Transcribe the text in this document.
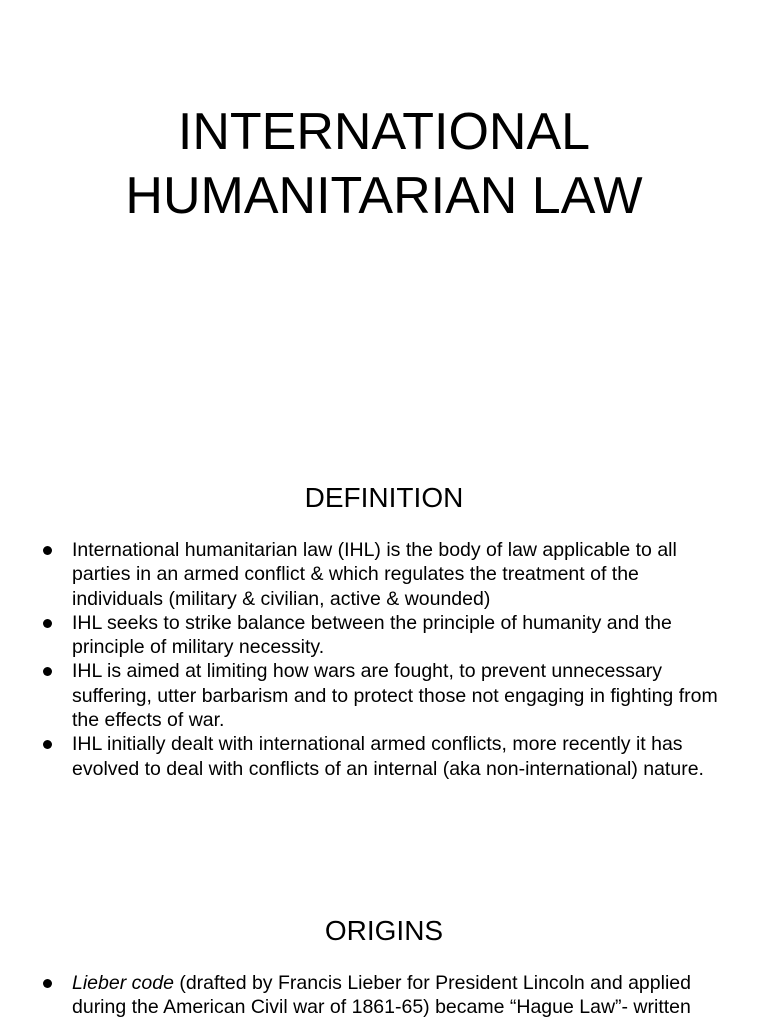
INTERNATIONAL
HUMANITARIAN LAW
DEFINITION
International humanitarian law (IHL) is the body of law applicable to all parties in an armed conflict & which regulates the treatment of the individuals (military & civilian, active & wounded)
IHL seeks to strike balance between the principle of humanity and the principle of military necessity.
IHL is aimed at limiting how wars are fought, to prevent unnecessary suffering, utter barbarism and to protect those not engaging in fighting from the effects of war.
IHL initially dealt with international armed conflicts, more recently it has evolved to deal with conflicts of an internal (aka non-international) nature.
ORIGINS
Lieber code (drafted by Francis Lieber for President Lincoln and applied during the American Civil war of 1861-65) became “Hague Law”- written
